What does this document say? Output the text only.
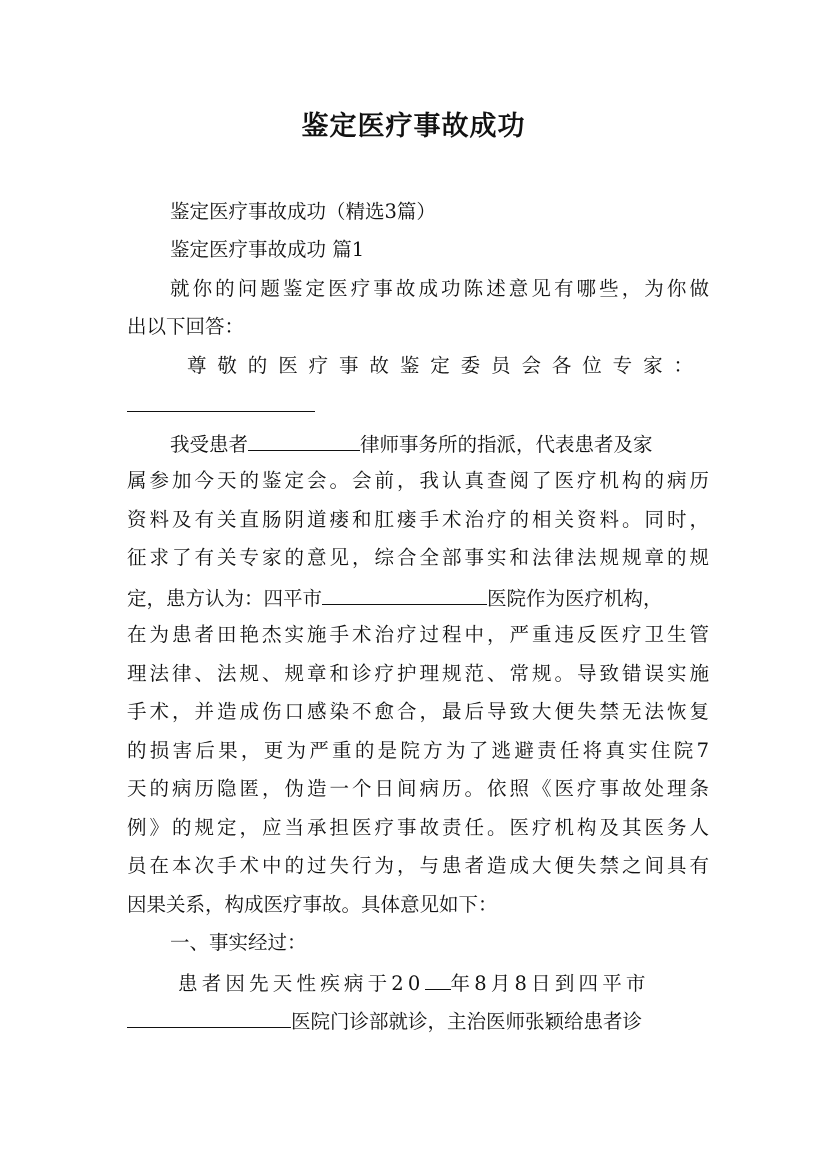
鉴定医疗事故成功
鉴定医疗事故成功（精选3篇）
鉴定医疗事故成功 篇1
就你的问题鉴定医疗事故成功陈述意见有哪些，为你做
出以下回答：
尊敬的医疗事故鉴定委员会各位专家：
我受患者	律师事务所的指派，代表患者及家
属参加今天的鉴定会。会前，我认真查阅了医疗机构的病历
资料及有关直肠阴道瘘和肛瘘手术治疗的相关资料。同时，
征求了有关专家的意见，综合全部事实和法律法规规章的规
定，患方认为：四平市	医院作为医疗机构，
在为患者田艳杰实施手术治疗过程中，严重违反医疗卫生管
理法律、法规、规章和诊疗护理规范、常规。导致错误实施
手术，并造成伤口感染不愈合，最后导致大便失禁无法恢复
的损害后果，更为严重的是院方为了逃避责任将真实住院7
天的病历隐匿，伪造一个日间病历。依照《医疗事故处理条
例》的规定，应当承担医疗事故责任。医疗机构及其医务人
员在本次手术中的过失行为，与患者造成大便失禁之间具有
因果关系，构成医疗事故。具体意见如下：
一、事实经过：
患者因先天性疾病于20 年8月8日到四平市
医院门诊部就诊，主治医师张颖给患者诊
